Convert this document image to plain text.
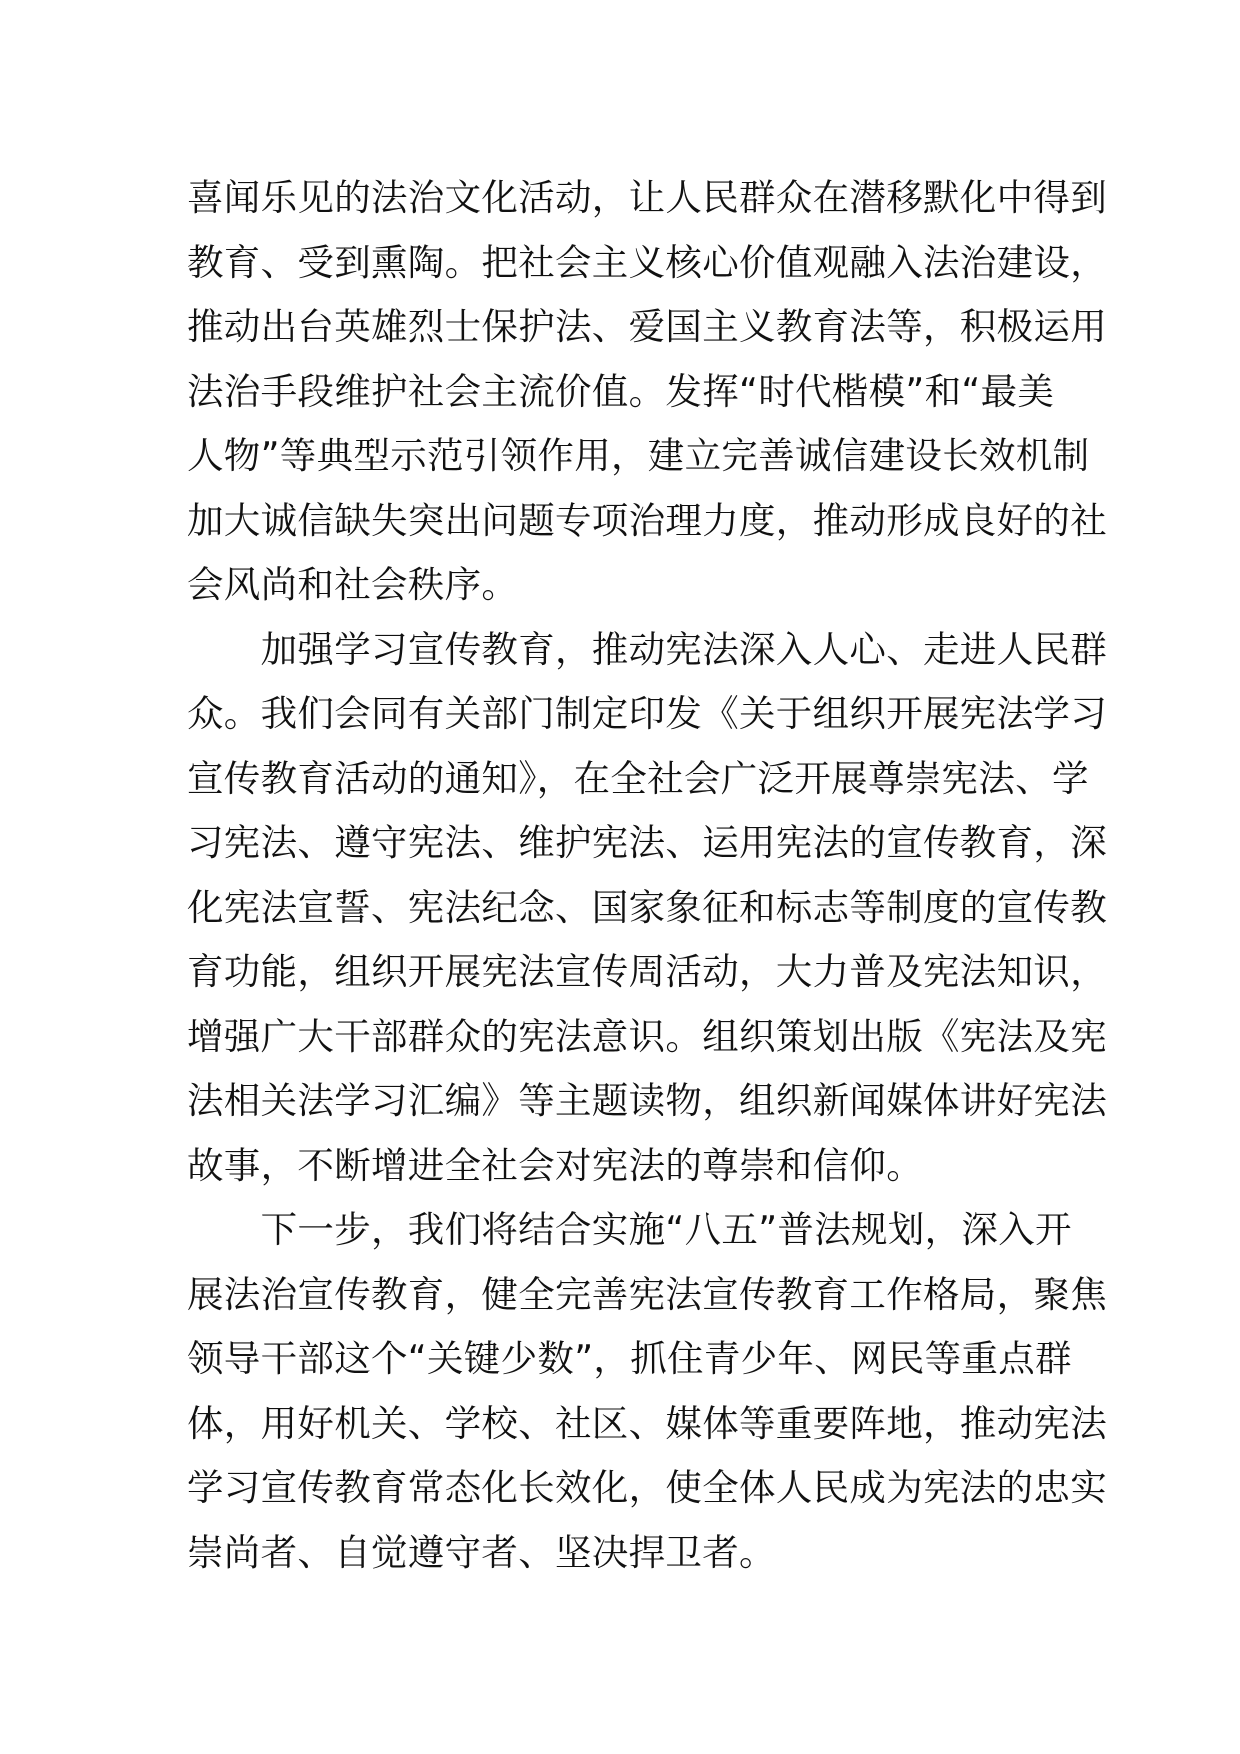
喜闻乐见的法治文化活动，让人民群众在潜移默化中得到
教育、受到熏陶。把社会主义核心价值观融入法治建设，
推动出台英雄烈士保护法、爱国主义教育法等，积极运用
法治手段维护社会主流价值。发挥“时代楷模”和“最美
人物”等典型示范引领作用，建立完善诚信建设长效机制
加大诚信缺失突出问题专项治理力度，推动形成良好的社
会风尚和社会秩序。
　　加强学习宣传教育，推动宪法深入人心、走进人民群
众。我们会同有关部门制定印发《关于组织开展宪法学习
宣传教育活动的通知》，在全社会广泛开展尊崇宪法、学
习宪法、遵守宪法、维护宪法、运用宪法的宣传教育，深
化宪法宣誓、宪法纪念、国家象征和标志等制度的宣传教
育功能，组织开展宪法宣传周活动，大力普及宪法知识，
增强广大干部群众的宪法意识。组织策划出版《宪法及宪
法相关法学习汇编》等主题读物，组织新闻媒体讲好宪法
故事，不断增进全社会对宪法的尊崇和信仰。
　　下一步，我们将结合实施“八五”普法规划，深入开
展法治宣传教育，健全完善宪法宣传教育工作格局，聚焦
领导干部这个“关键少数”，抓住青少年、网民等重点群
体，用好机关、学校、社区、媒体等重要阵地，推动宪法
学习宣传教育常态化长效化，使全体人民成为宪法的忠实
崇尚者、自觉遵守者、坚决捍卫者。
